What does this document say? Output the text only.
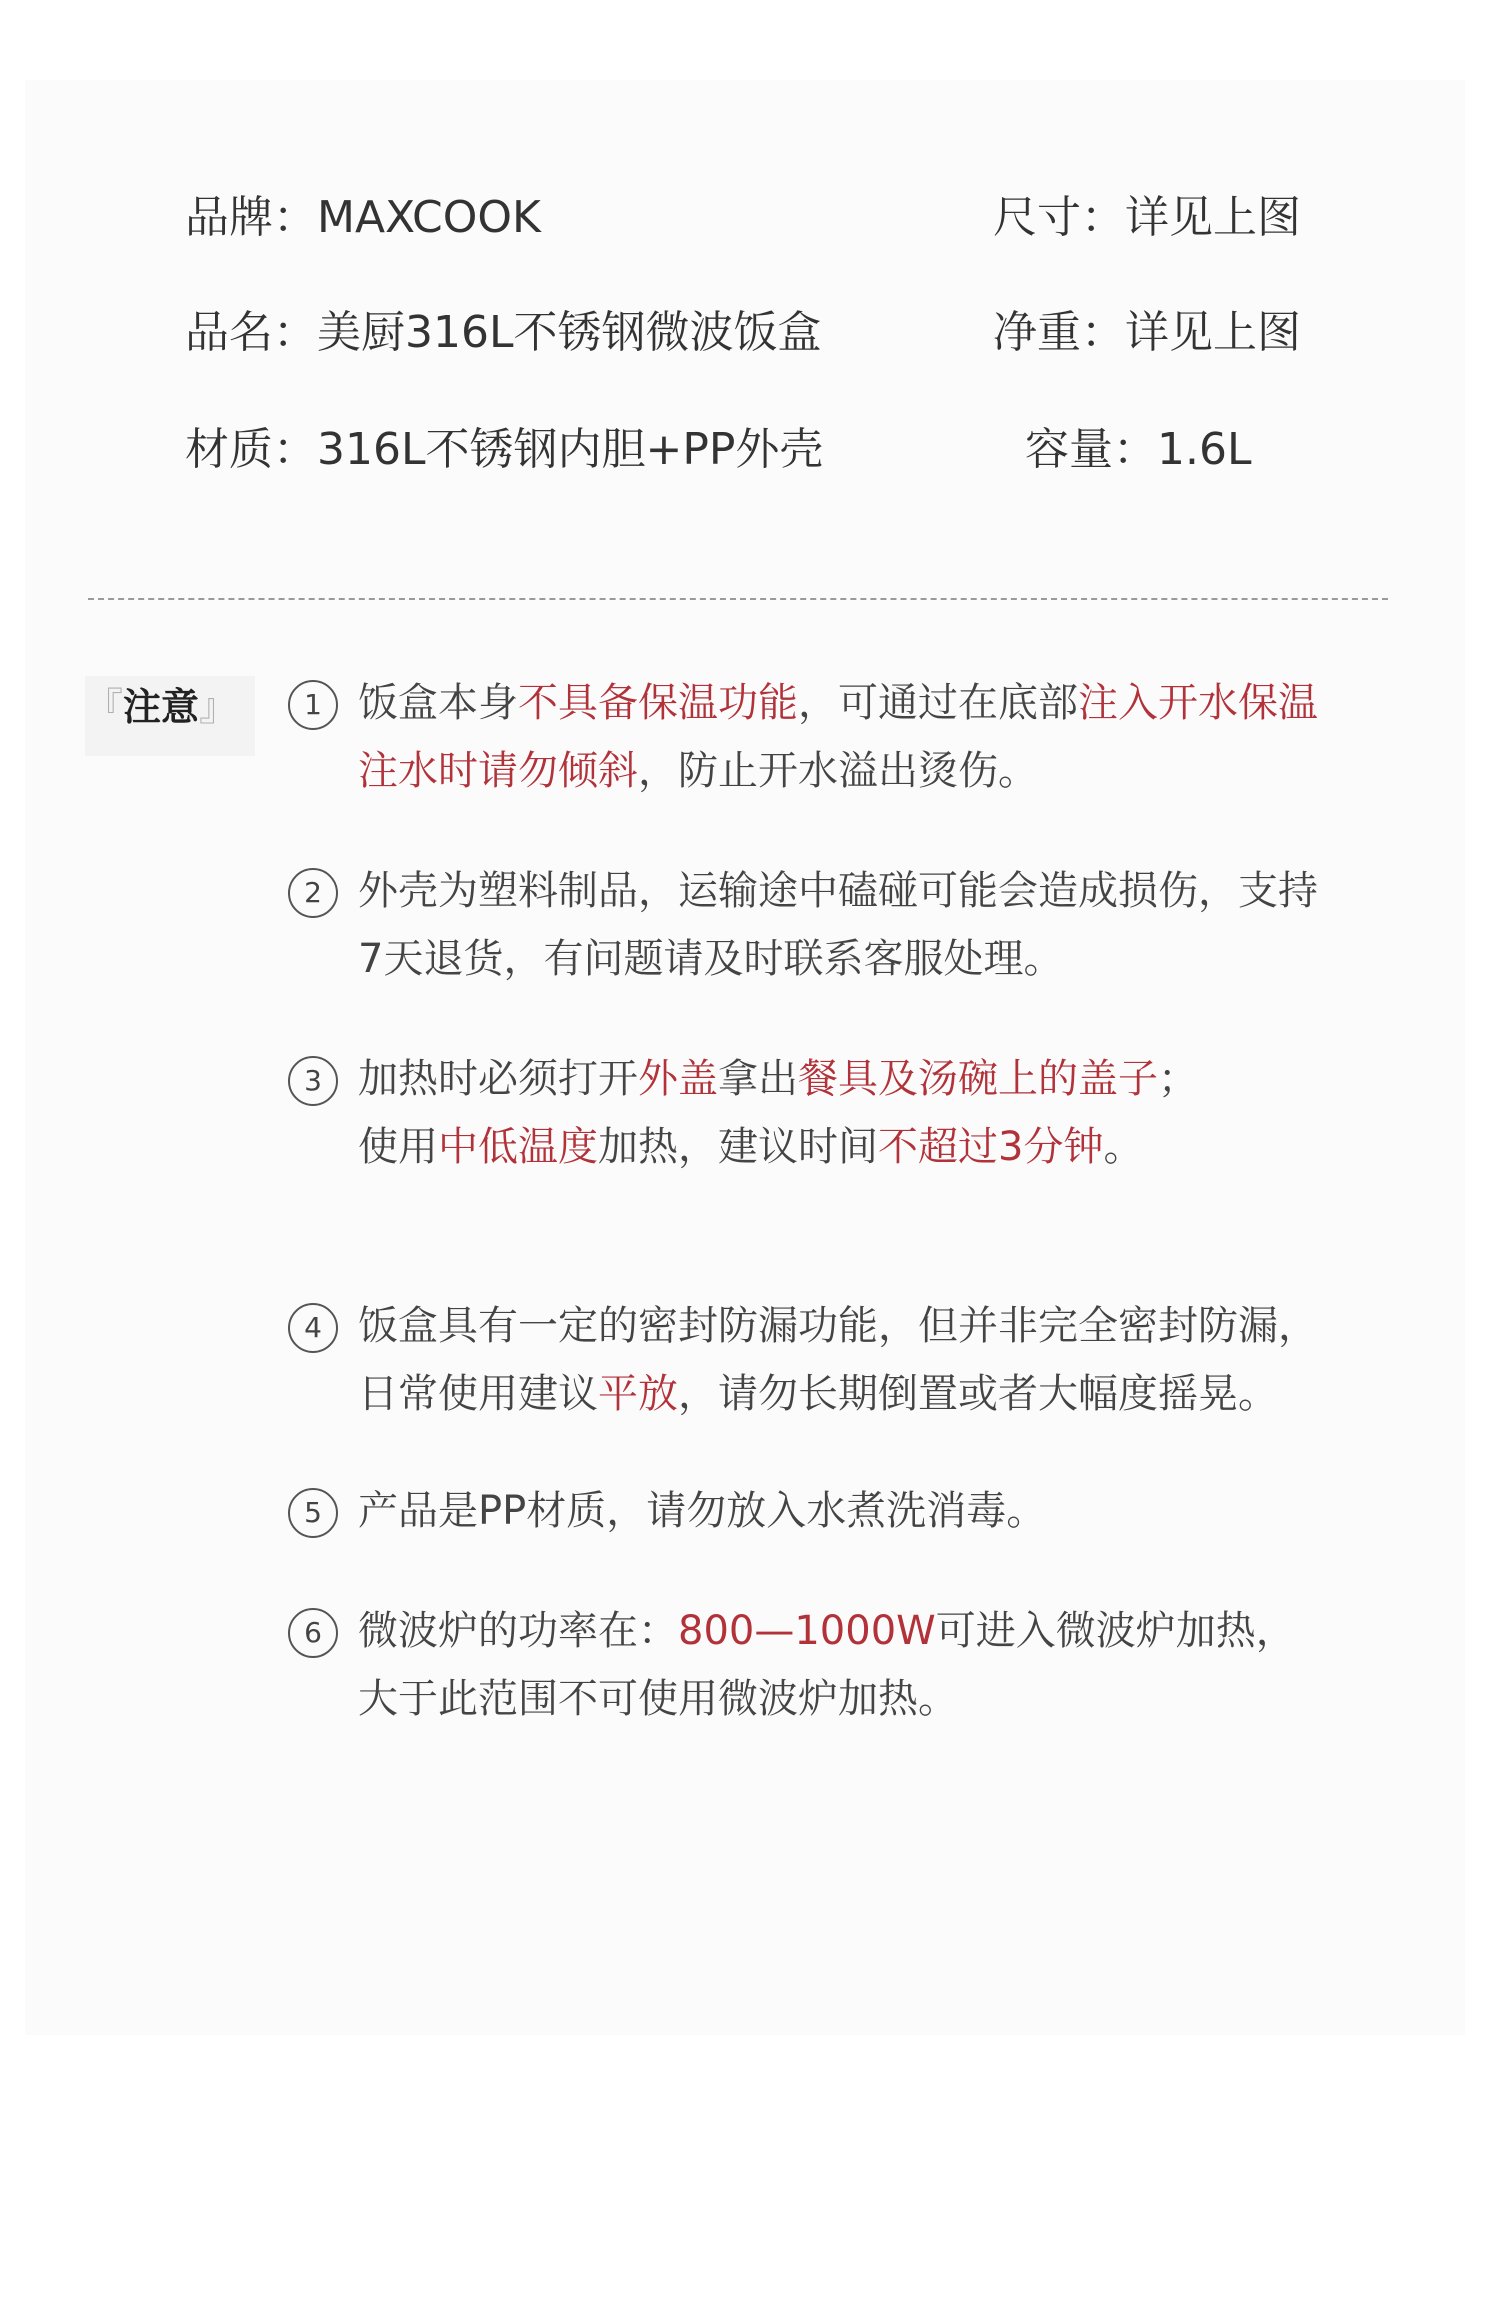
品牌：MAXCOOK	尺寸：详见上图
品名：美厨316L不锈钢微波饭盒	净重：详见上图
材质：316L不锈钢内胆+PP外壳	容量：1.6L
『注意』	1 饭盒本身不具备保温功能，可通过在底部注入开水保温
注水时请勿倾斜，防止开水溢出烫伤。
2 外壳为塑料制品，运输途中磕碰可能会造成损伤，支持
7天退货，有问题请及时联系客服处理。
3 加热时必须打开外盖拿出餐具及汤碗上的盖子；
使用中低温度加热，建议时间不超过3分钟。
4 饭盒具有一定的密封防漏功能，但并非完全密封防漏，
日常使用建议平放，请勿长期倒置或者大幅度摇晃。
5 产品是PP材质，请勿放入水煮洗消毒。
6 微波炉的功率在：800—1000W可进入微波炉加热，
大于此范围不可使用微波炉加热。
